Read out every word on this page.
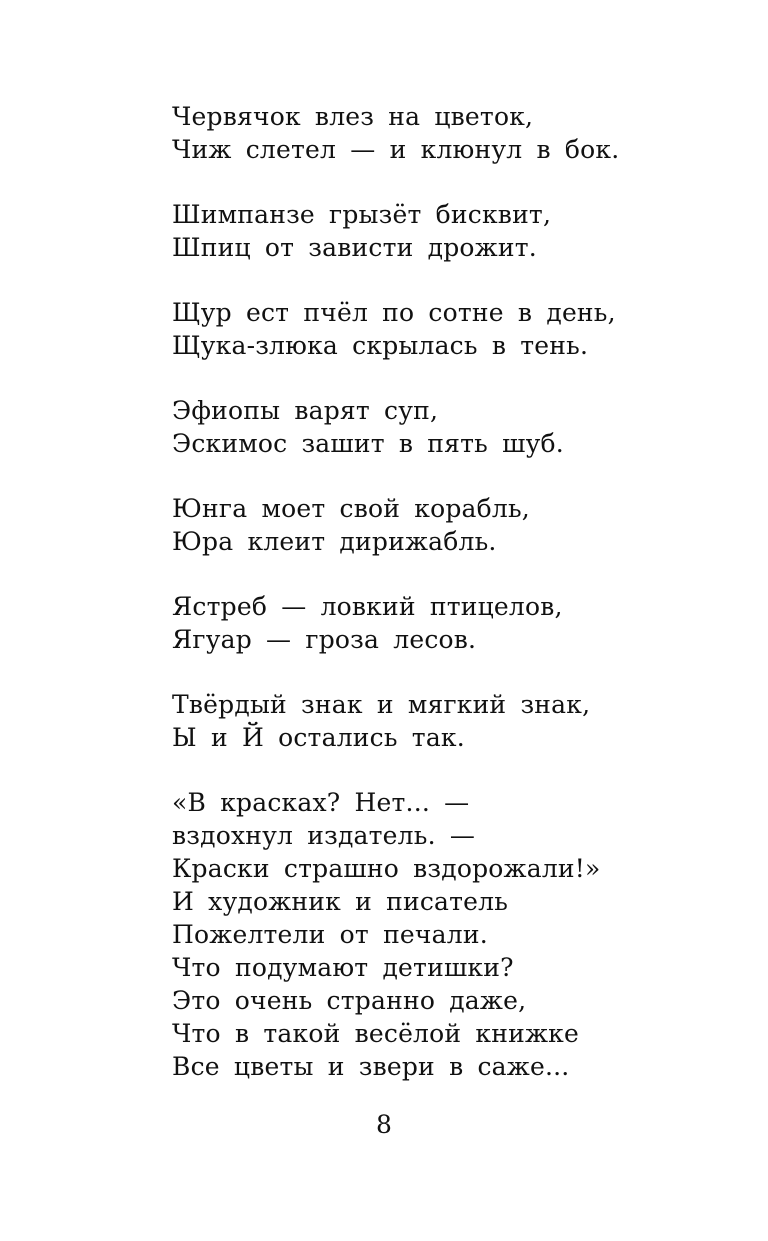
Червячок влез на цветок,
Чиж слетел — и клюнул в бок.
Шимпанзе грызёт бисквит,
Шпиц от зависти дрожит.
Щур ест пчёл по сотне в день,
Щука-злюка скрылась в тень.
Эфиопы варят суп,
Эскимос зашит в пять шуб.
Юнга моет свой корабль,
Юра клеит дирижабль.
Ястреб — ловкий птицелов,
Ягуар — гроза лесов.
Твёрдый знак и мягкий знак,
Ы и Й остались так.
«В красках? Нет... —
вздохнул издатель. —
Краски страшно вздорожали!»
И художник и писатель
Пожелтели от печали.
Что подумают детишки?
Это очень странно даже,
Что в такой весёлой книжке
Все цветы и звери в саже...
8
